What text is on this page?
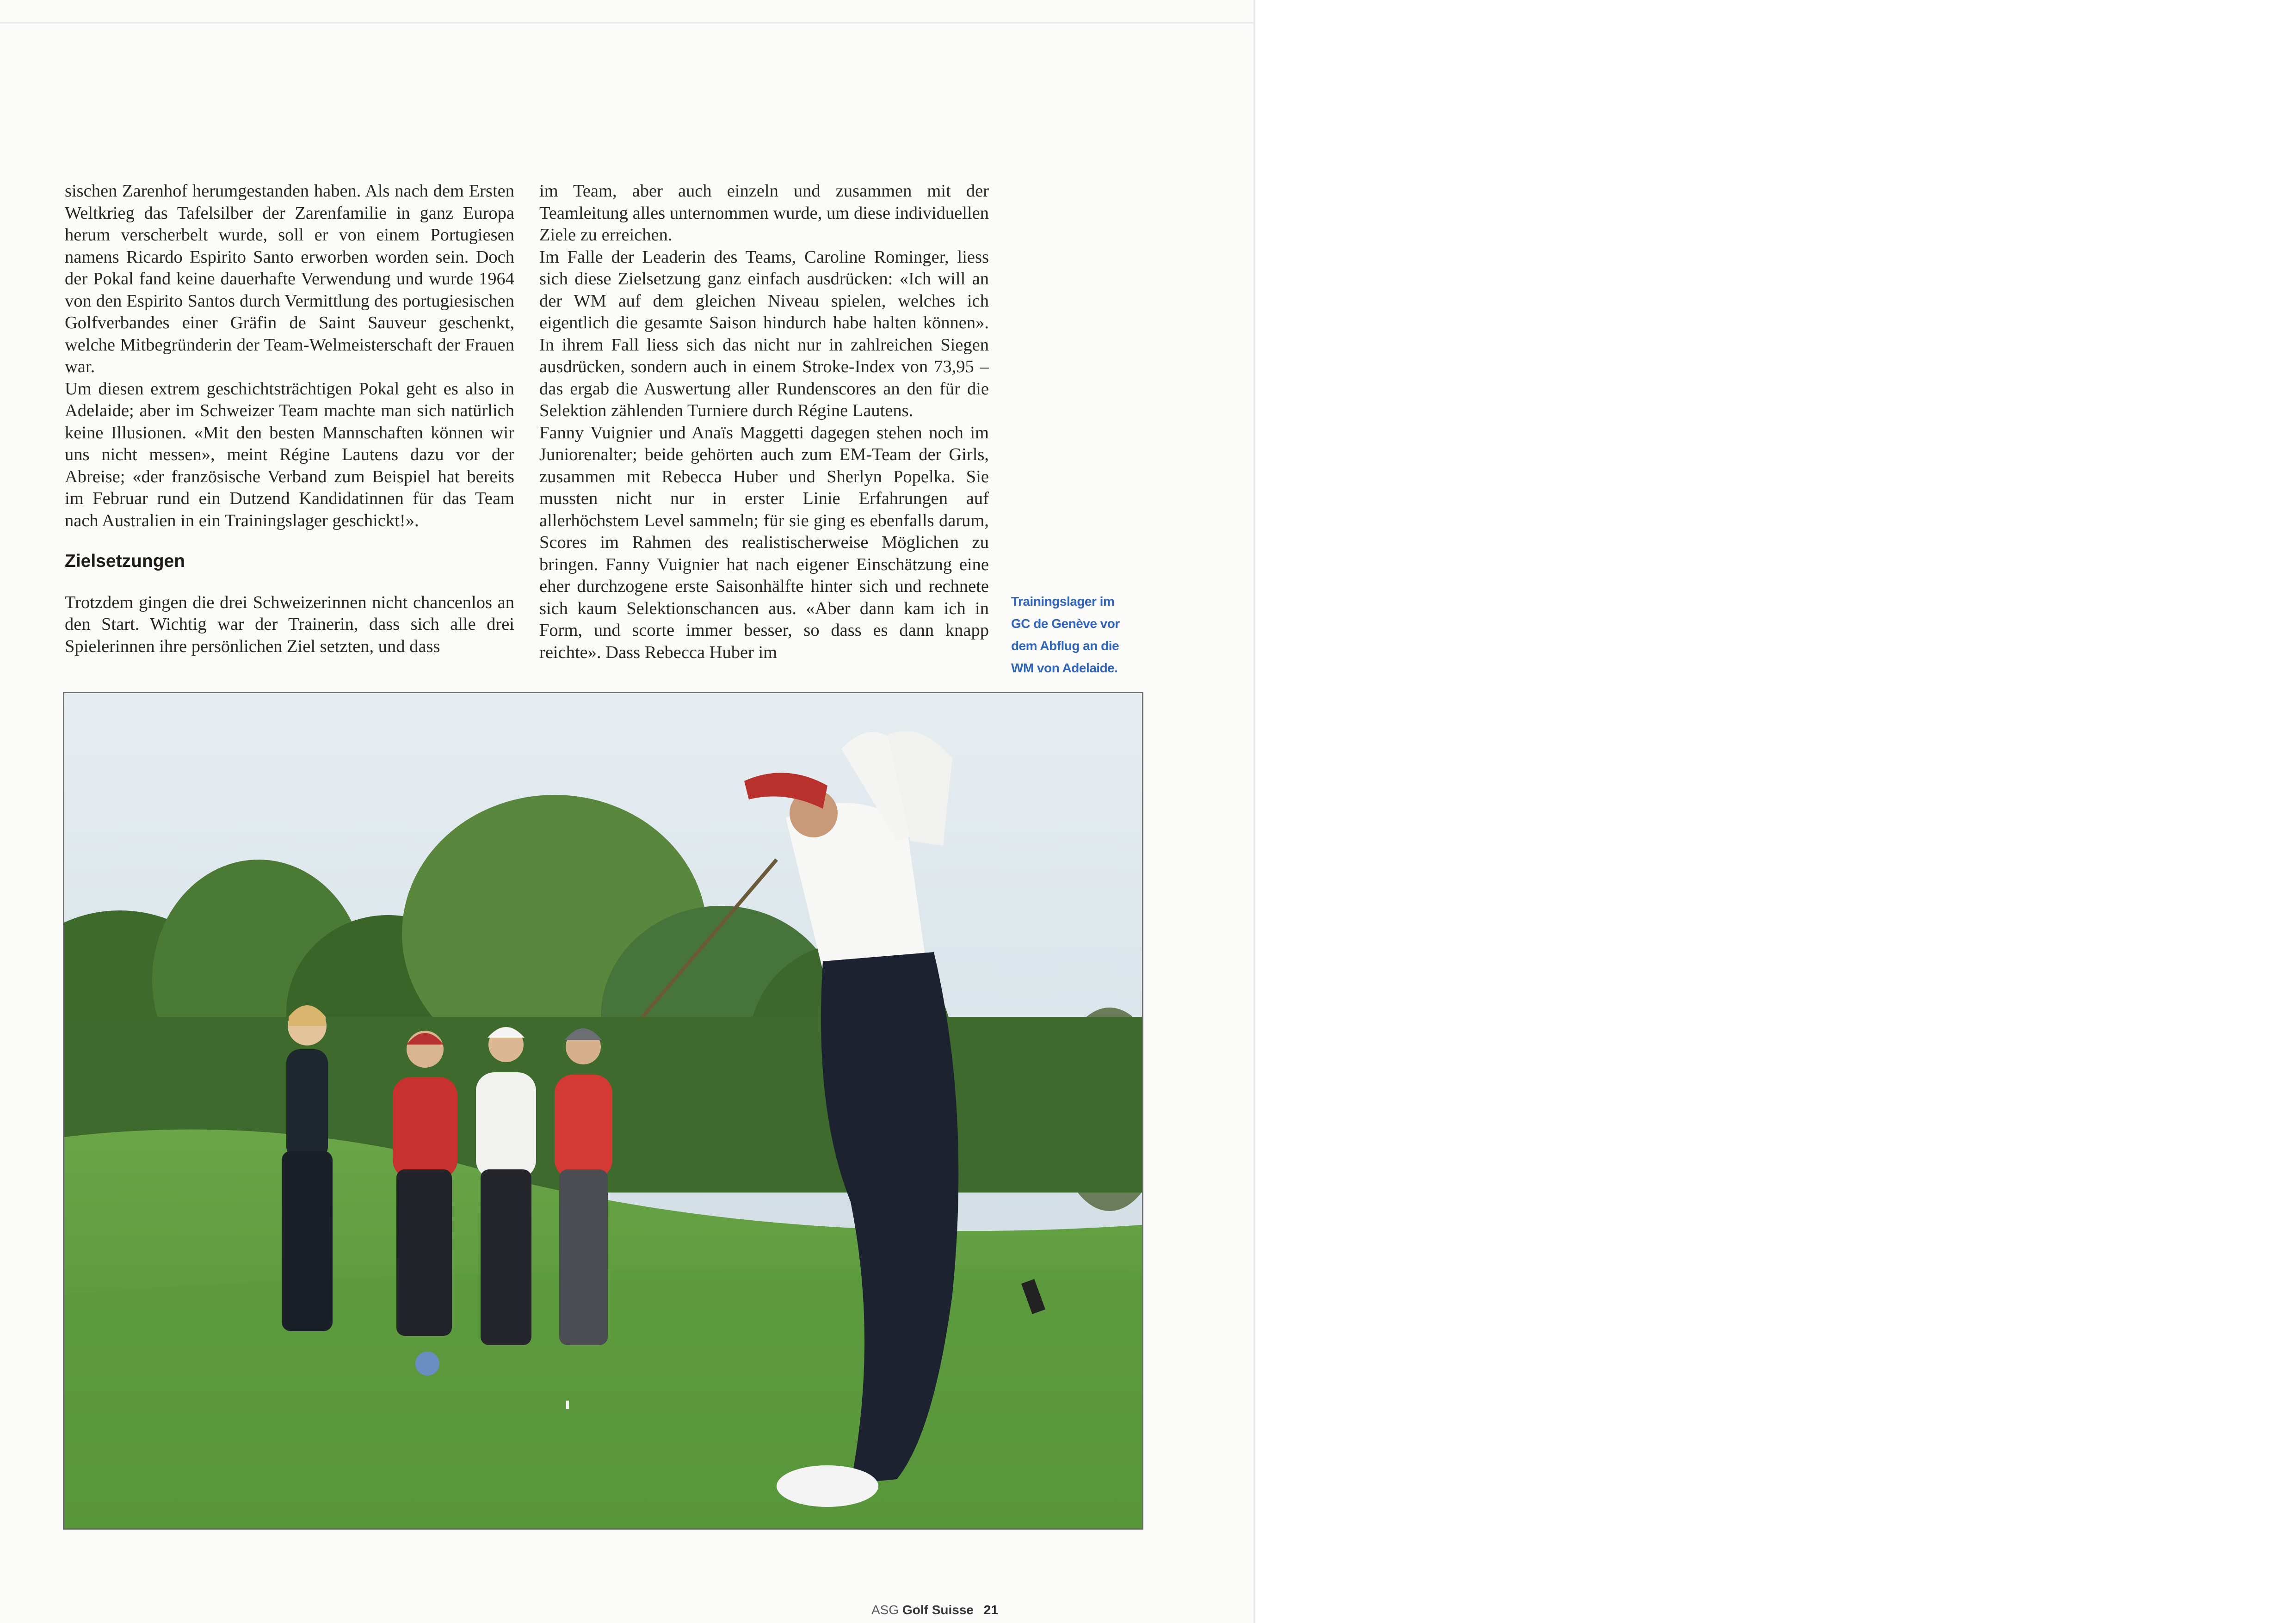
sischen Zarenhof herumgestanden haben. Als nach dem Ersten Weltkrieg das Tafelsilber der Zarenfamilie in ganz Europa herum verscherbelt wurde, soll er von einem Portugiesen namens Ricardo Espirito Santo erworben worden sein. Doch der Pokal fand keine dauerhafte Verwendung und wurde 1964 von den Espirito Santos durch Vermittlung des portugiesischen Golfverbandes einer Gräfin de Saint Sauveur geschenkt, welche Mitbegründerin der Team-Welmeisterschaft der Frauen war.

Um diesen extrem geschichtsträchtigen Pokal geht es also in Adelaide; aber im Schweizer Team machte man sich natürlich keine Illusionen. «Mit den besten Mannschaften können wir uns nicht messen», meint Régine Lautens dazu vor der Abreise; «der französische Verband zum Beispiel hat bereits im Februar rund ein Dutzend Kandidatinnen für das Team nach Australien in ein Trainingslager geschickt!».

Zielsetzungen

Trotzdem gingen die drei Schweizerinnen nicht chancenlos an den Start. Wichtig war der Trainerin, dass sich alle drei Spielerinnen ihre persönlichen Ziel setzten, und dass

im Team, aber auch einzeln und zusammen mit der Teamleitung alles unternommen wurde, um diese individuellen Ziele zu erreichen.

Im Falle der Leaderin des Teams, Caroline Rominger, liess sich diese Zielsetzung ganz einfach ausdrücken: «Ich will an der WM auf dem gleichen Niveau spielen, welches ich eigentlich die gesamte Saison hindurch habe halten können». In ihrem Fall liess sich das nicht nur in zahlreichen Siegen ausdrücken, sondern auch in einem Stroke-Index von 73,95 – das ergab die Auswertung aller Rundenscores an den für die Selektion zählenden Turniere durch Régine Lautens.

Fanny Vuignier und Anaïs Maggetti dagegen stehen noch im Juniorenalter; beide gehörten auch zum EM-Team der Girls, zusammen mit Rebecca Huber und Sherlyn Popelka. Sie mussten nicht nur in erster Linie Erfahrungen auf allerhöchstem Level sammeln; für sie ging es ebenfalls darum, Scores im Rahmen des realistischerweise Möglichen zu bringen. Fanny Vuignier hat nach eigener Einschätzung eine eher durchzogene erste Saisonhälfte hinter sich und rechnete sich kaum Selektionschancen aus. «Aber dann kam ich in Form, und scorte immer besser, so dass es dann knapp reichte». Dass Rebecca Huber im

Trainingslager im
GC de Genève vor
dem Abflug an die
WM von Adelaide.
ASG Golf Suisse 21
